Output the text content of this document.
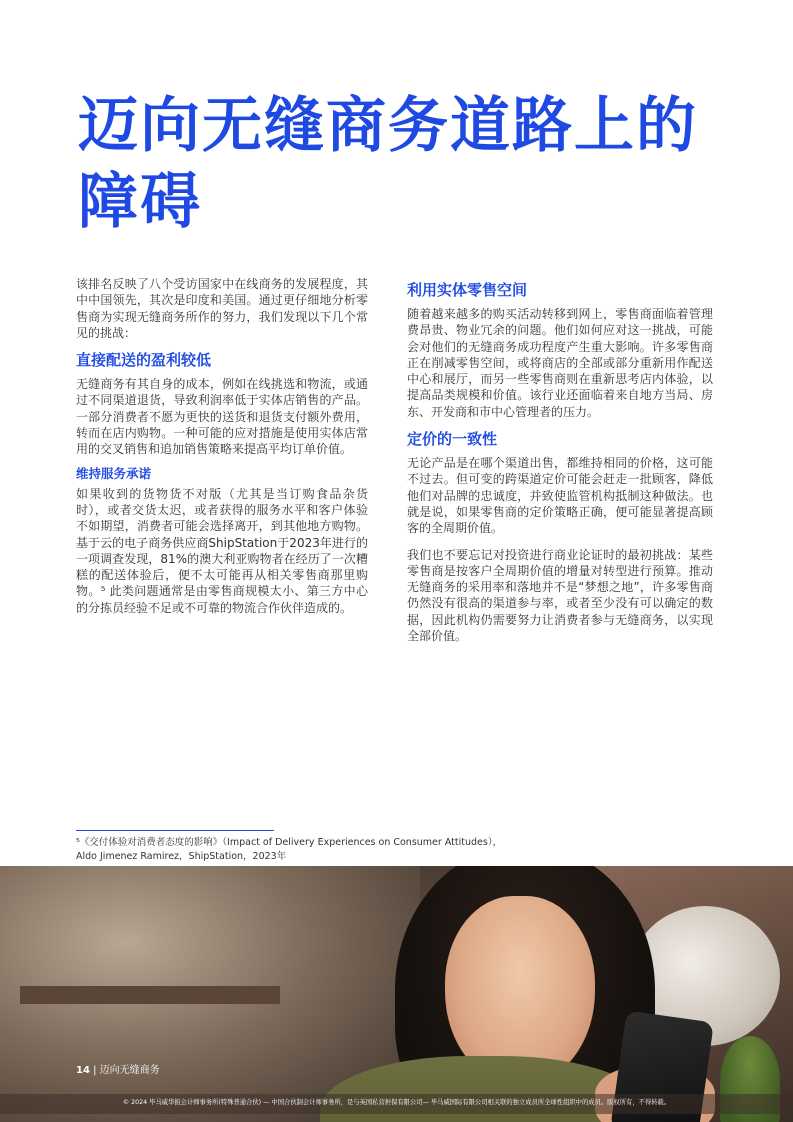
迈向无缝商务道路上的
障碍

该排名反映了八个受访国家中在线商务的发展程度，其中中国领先，其次是印度和美国。通过更仔细地分析零售商为实现无缝商务所作的努力，我们发现以下几个常见的挑战：

直接配送的盈利较低

无缝商务有其自身的成本，例如在线挑选和物流，或通过不同渠道退货，导致利润率低于实体店销售的产品。一部分消费者不愿为更快的送货和退货支付额外费用，转而在店内购物。一种可能的应对措施是使用实体店常用的交叉销售和追加销售策略来提高平均订单价值。

维持服务承诺

如果收到的货物货不对版（尤其是当订购食品杂货时），或者交货太迟，或者获得的服务水平和客户体验不如期望，消费者可能会选择离开，到其他地方购物。基于云的电子商务供应商ShipStation于2023年进行的一项调查发现，81%的澳大利亚购物者在经历了一次糟糕的配送体验后，便不太可能再从相关零售商那里购物。⁵ 此类问题通常是由零售商规模太小、第三方中心的分拣员经验不足或不可靠的物流合作伙伴造成的。

利用实体零售空间

随着越来越多的购买活动转移到网上，零售商面临着管理费昂贵、物业冗余的问题。他们如何应对这一挑战，可能会对他们的无缝商务成功程度产生重大影响。许多零售商正在削减零售空间，或将商店的全部或部分重新用作配送中心和展厅，而另一些零售商则在重新思考店内体验，以提高品类规模和价值。该行业还面临着来自地方当局、房东、开发商和市中心管理者的压力。

定价的一致性

无论产品是在哪个渠道出售，都维持相同的价格，这可能不过去。但可变的跨渠道定价可能会赶走一批顾客，降低他们对品牌的忠诚度，并致使监管机构抵制这种做法。也就是说，如果零售商的定价策略正确，便可能显著提高顾客的全周期价值。

我们也不要忘记对投资进行商业论证时的最初挑战：某些零售商是按客户全周期价值的增量对转型进行预算。推动无缝商务的采用率和落地并不是“梦想之地”，许多零售商仍然没有很高的渠道参与率，或者至少没有可以确定的数据，因此机构仍需要努力让消费者参与无缝商务，以实现全部价值。

⁵《交付体验对消费者态度的影响》（Impact of Delivery Experiences on Consumer Attitudes），
Aldo Jimenez Ramirez，ShipStation，2023年
14 | 迈向无缝商务
© 2024 毕马威华振会计师事务所(特殊普通合伙) — 中国合伙制会计师事务所，是与英国私营担保有限公司— 毕马威国际有限公司相关联的独立成员所全球性组织中的成员。版权所有，不得转载。
